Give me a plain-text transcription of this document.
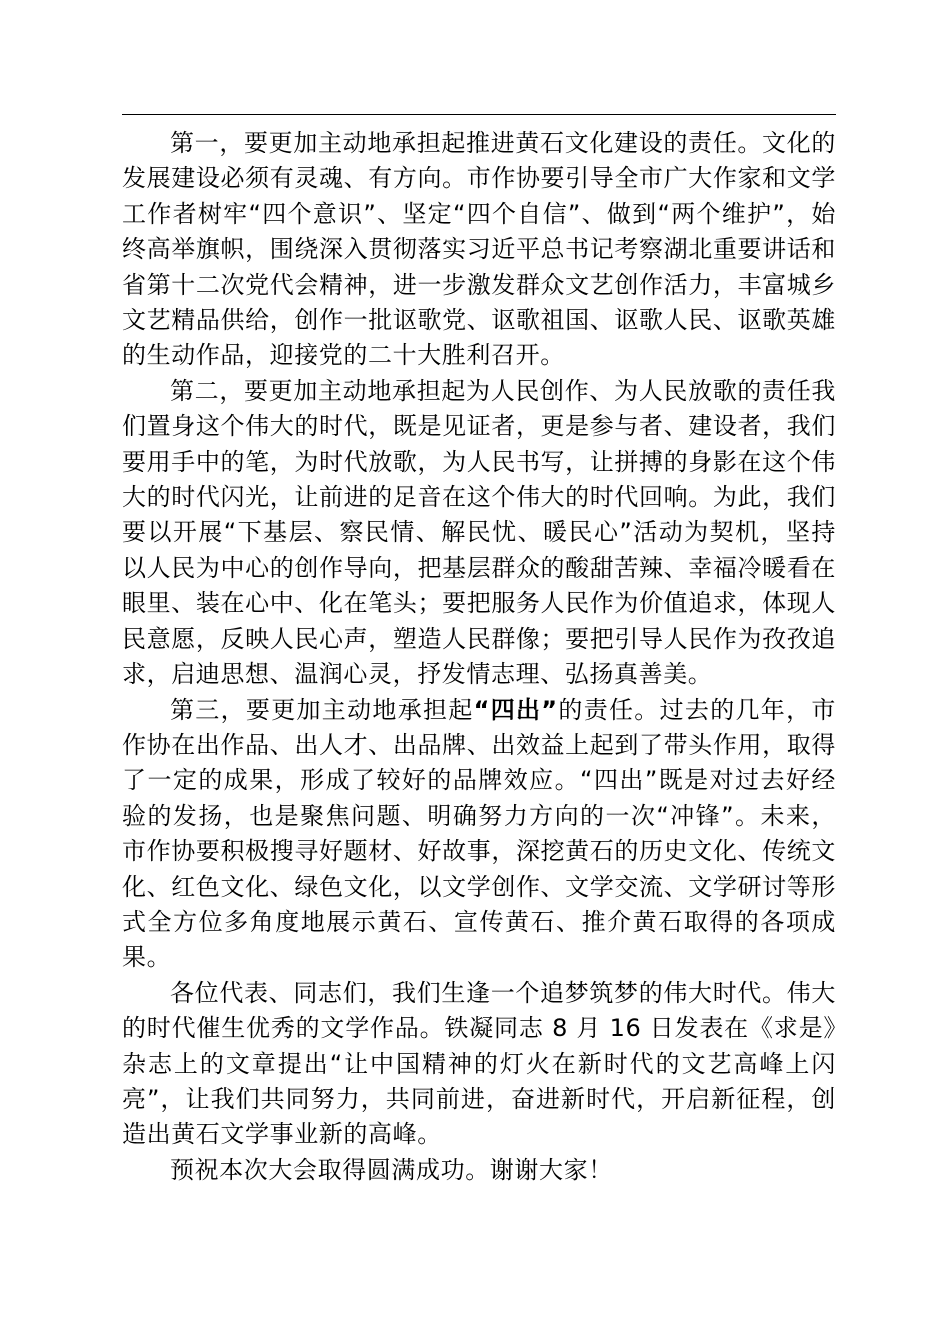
第一，要更加主动地承担起推进黄石文化建设的责任。文化的发展建设必须有灵魂、有方向。市作协要引导全市广大作家和文学工作者树牢“四个意识”、坚定“四个自信”、做到“两个维护”，始终高举旗帜，围绕深入贯彻落实习近平总书记考察湖北重要讲话和省第十二次党代会精神，进一步激发群众文艺创作活力，丰富城乡文艺精品供给，创作一批讴歌党、讴歌祖国、讴歌人民、讴歌英雄的生动作品，迎接党的二十大胜利召开。

第二，要更加主动地承担起为人民创作、为人民放歌的责任我们置身这个伟大的时代，既是见证者，更是参与者、建设者，我们要用手中的笔，为时代放歌，为人民书写，让拼搏的身影在这个伟大的时代闪光，让前进的足音在这个伟大的时代回响。为此，我们要以开展“下基层、察民情、解民忧、暖民心”活动为契机，坚持以人民为中心的创作导向，把基层群众的酸甜苦辣、幸福冷暖看在眼里、装在心中、化在笔头；要把服务人民作为价值追求，体现人民意愿，反映人民心声，塑造人民群像；要把引导人民作为孜孜追求，启迪思想、温润心灵，抒发情志理、弘扬真善美。

第三，要更加主动地承担起“四出”的责任。过去的几年，市作协在出作品、出人才、出品牌、出效益上起到了带头作用，取得了一定的成果，形成了较好的品牌效应。“四出”既是对过去好经验的发扬，也是聚焦问题、明确努力方向的一次“冲锋”。未来，市作协要积极搜寻好题材、好故事，深挖黄石的历史文化、传统文化、红色文化、绿色文化，以文学创作、文学交流、文学研讨等形式全方位多角度地展示黄石、宣传黄石、推介黄石取得的各项成果。

各位代表、同志们，我们生逢一个追梦筑梦的伟大时代。伟大的时代催生优秀的文学作品。铁凝同志 8 月 16 日发表在《求是》杂志上的文章提出“让中国精神的灯火在新时代的文艺高峰上闪亮”，让我们共同努力，共同前进，奋进新时代，开启新征程，创造出黄石文学事业新的高峰。

预祝本次大会取得圆满成功。谢谢大家！
